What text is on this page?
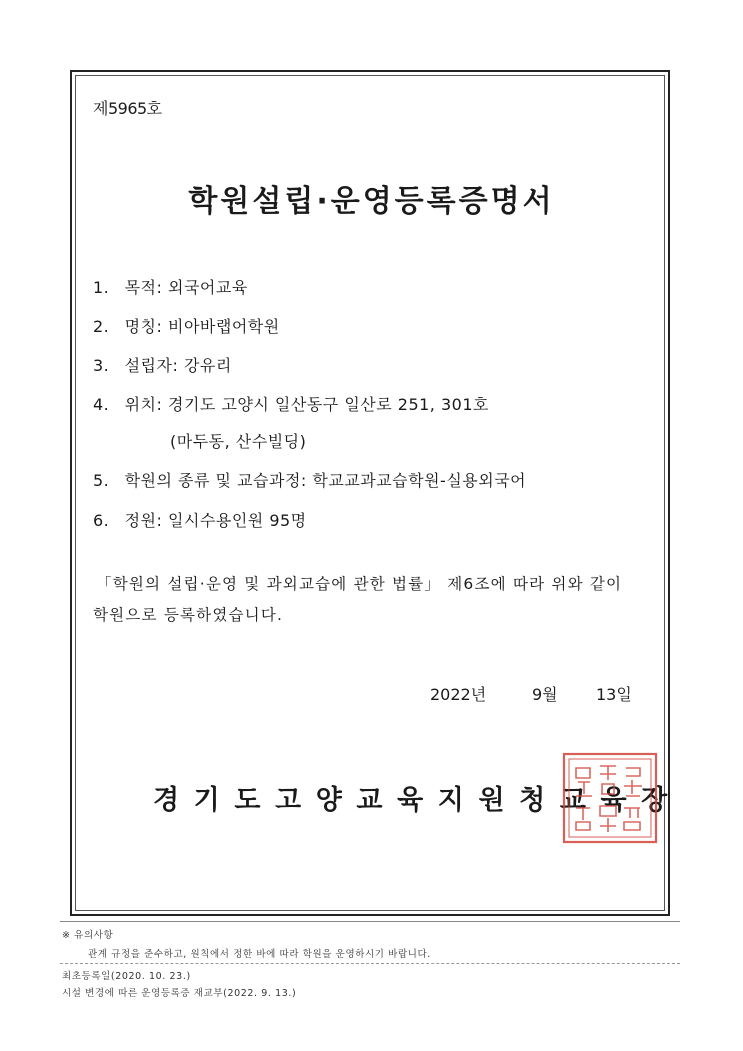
제5965호
학원설립·운영등록증명서
1. 목적: 외국어교육
2. 명칭: 비아바랩어학원
3. 설립자: 강유리
4. 위치: 경기도 고양시 일산동구 일산로 251, 301호
(마두동, 산수빌딩)
5. 학원의 종류 및 교습과정: 학교교과교습학원-실용외국어
6. 정원: 일시수용인원 95명
「학원의 설립·운영 및 과외교습에 관한 법률」 제6조에 따라 위와 같이
학원으로 등록하였습니다.
2022년	9월 13일
경기도고양교육지원청교육장
※ 유의사항
관계 규정을 준수하고, 원칙에서 정한 바에 따라 학원을 운영하시기 바랍니다.
최초등록일(2020. 10. 23.)
시설 변경에 따른 운영등록증 재교부(2022. 9. 13.)
